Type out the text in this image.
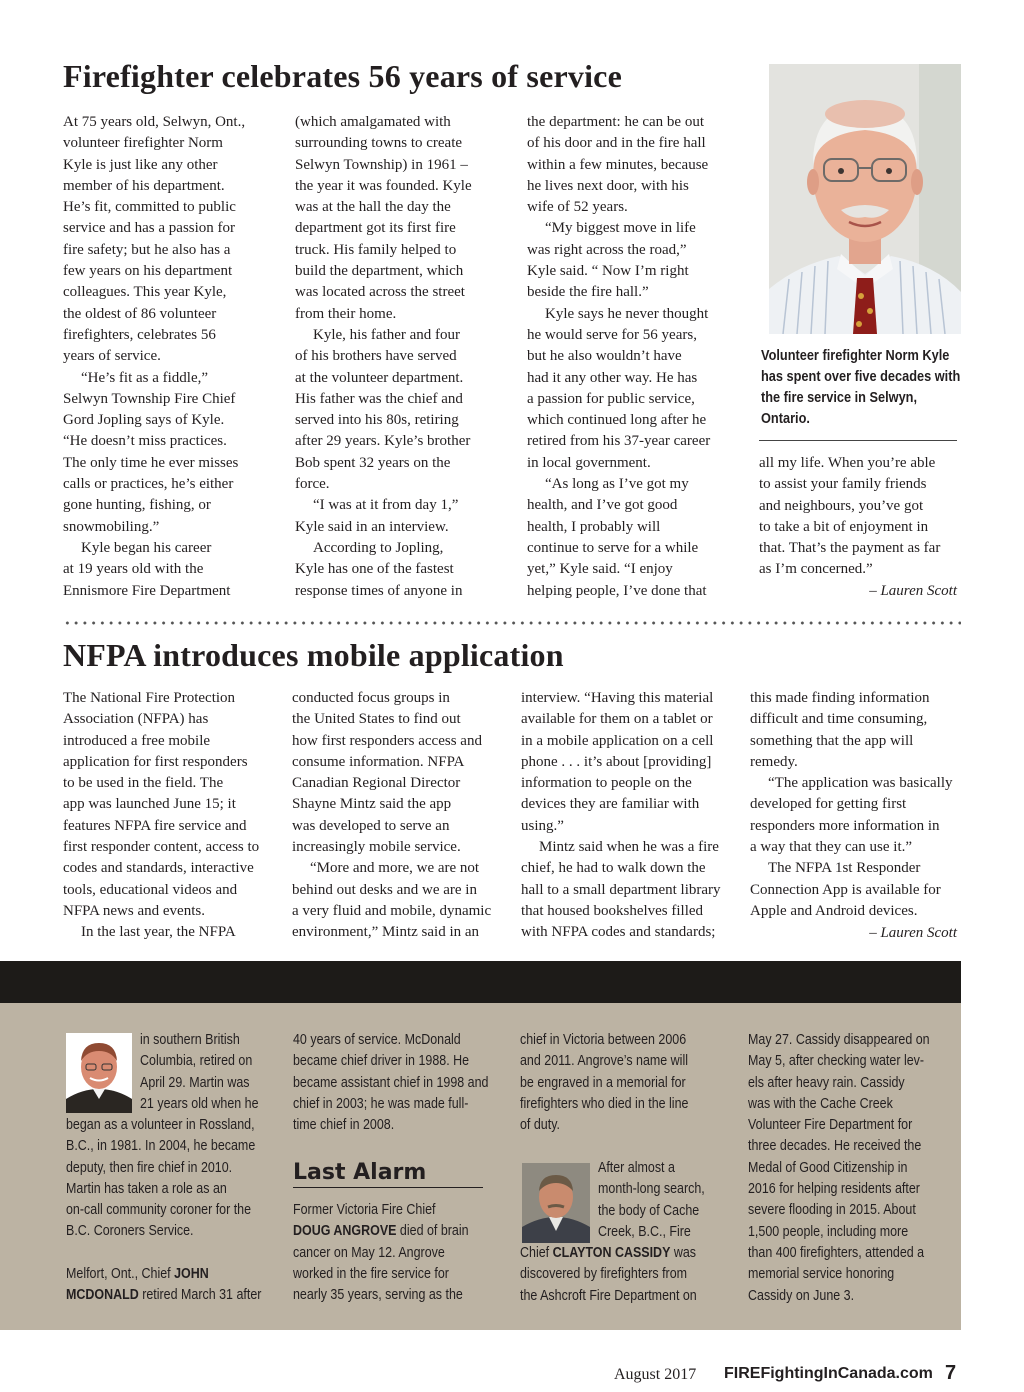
Firefighter celebrates 56 years of service

At 75 years old, Selwyn, Ont.,

volunteer firefighter Norm

Kyle is just like any other

member of his department.

He’s fit, committed to public

service and has a passion for

fire safety; but he also has a

few years on his department

colleagues. This year Kyle,

the oldest of 86 volunteer

firefighters, celebrates 56

years of service.

“He’s fit as a fiddle,”

Selwyn Township Fire Chief

Gord Jopling says of Kyle.

“He doesn’t miss practices.

The only time he ever misses

calls or practices, he’s either

gone hunting, fishing, or

snowmobiling.”

Kyle began his career

at 19 years old with the

Ennismore Fire Department

(which amalgamated with

surrounding towns to create

Selwyn Township) in 1961 –

the year it was founded. Kyle

was at the hall the day the

department got its first fire

truck. His family helped to

build the department, which

was located across the street

from their home.

Kyle, his father and four

of his brothers have served

at the volunteer department.

His father was the chief and

served into his 80s, retiring

after 29 years. Kyle’s brother

Bob spent 32 years on the

force.

“I was at it from day 1,”

Kyle said in an interview.

According to Jopling,

Kyle has one of the fastest

response times of anyone in

the department: he can be out

of his door and in the fire hall

within a few minutes, because

he lives next door, with his

wife of 52 years.

“My biggest move in life

was right across the road,”

Kyle said. “ Now I’m right

beside the fire hall.”

Kyle says he never thought

he would serve for 56 years,

but he also wouldn’t have

had it any other way. He has

a passion for public service,

which continued long after he

retired from his 37-year career

in local government.

“As long as I’ve got my

health, and I’ve got good

health, I probably will

continue to serve for a while

yet,” Kyle said. “I enjoy

helping people, I’ve done that

Volunteer firefighter Norm Kyle has spent over five decades with the fire service in Selwyn, Ontario.

all my life. When you’re able

to assist your family friends

and neighbours, you’ve got

to take a bit of enjoyment in

that. That’s the payment as far

as I’m concerned.”

– Lauren Scott
NFPA introduces mobile application

The National Fire Protection

Association (NFPA) has

introduced a free mobile

application for first responders

to be used in the field. The

app was launched June 15; it

features NFPA fire service and

first responder content, access to

codes and standards, interactive

tools, educational videos and

NFPA news and events.

In the last year, the NFPA

conducted focus groups in

the United States to find out

how first responders access and

consume information. NFPA

Canadian Regional Director

Shayne Mintz said the app

was developed to serve an

increasingly mobile service.

“More and more, we are not

behind out desks and we are in

a very fluid and mobile, dynamic

environment,” Mintz said in an

interview. “Having this material

available for them on a tablet or

in a mobile application on a cell

phone . . . it’s about [providing]

information to people on the

devices they are familiar with

using.”

Mintz said when he was a fire

chief, he had to walk down the

hall to a small department library

that housed bookshelves filled

with NFPA codes and standards;

this made finding information

difficult and time consuming,

something that the app will

remedy.

“The application was basically

developed for getting first

responders more information in

a way that they can use it.”

The NFPA 1st Responder

Connection App is available for

Apple and Android devices.

– Lauren Scott

in southern British

Columbia, retired on

April 29. Martin was

21 years old when he

began as a volunteer in Rossland,

B.C., in 1981. In 2004, he became

deputy, then fire chief in 2010.

Martin has taken a role as an

on-call community coroner for the

B.C. Coroners Service.

Melfort, Ont., Chief JOHN

MCDONALD retired March 31 after

40 years of service. McDonald

became chief driver in 1988. He

became assistant chief in 1998 and

chief in 2003; he was made full-

time chief in 2008.

Last Alarm

Former Victoria Fire Chief

DOUG ANGROVE died of brain

cancer on May 12. Angrove

worked in the fire service for

nearly 35 years, serving as the

chief in Victoria between 2006

and 2011. Angrove’s name will

be engraved in a memorial for

firefighters who died in the line

of duty.

After almost a

month-long search,

the body of Cache

Creek, B.C., Fire

Chief CLAYTON CASSIDY was

discovered by firefighters from

the Ashcroft Fire Department on

May 27. Cassidy disappeared on

May 5, after checking water lev-

els after heavy rain. Cassidy

was with the Cache Creek

Volunteer Fire Department for

three decades. He received the

Medal of Good Citizenship in

2016 for helping residents after

severe flooding in 2015. About

1,500 people, including more

than 400 firefighters, attended a

memorial service honoring

Cassidy on June 3.

August 2017 FIREFightingInCanada.com 7
